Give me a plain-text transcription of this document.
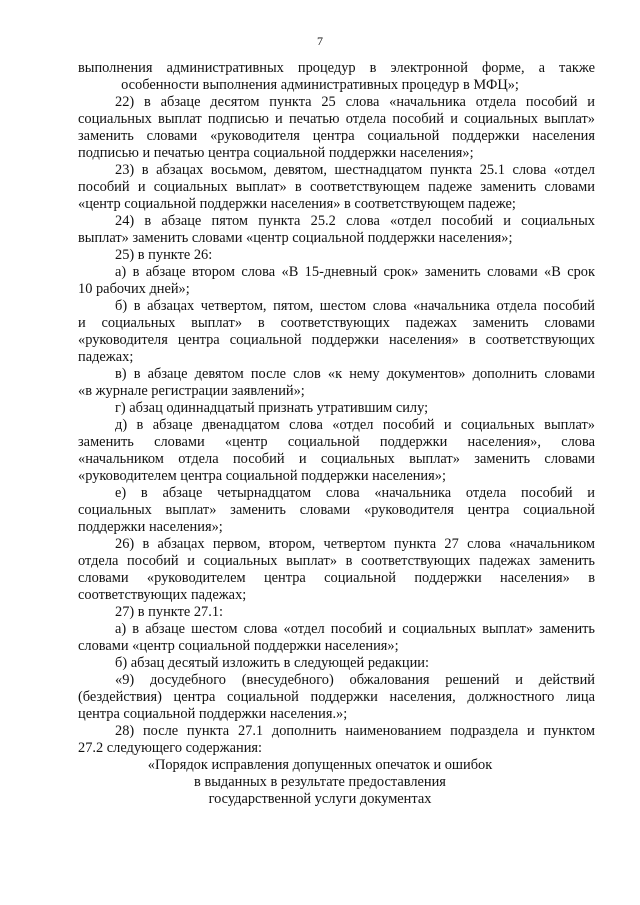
7
выполнения административных процедур в электронной форме, а также
особенности выполнения административных процедур в МФЦ»;
22) в абзаце десятом пункта 25 слова «начальника отдела пособий и
социальных выплат подписью и печатью отдела пособий и социальных выплат»
заменить словами «руководителя центра социальной поддержки населения
подписью и печатью центра социальной поддержки населения»;
23) в абзацах восьмом, девятом, шестнадцатом пункта 25.1 слова «отдел
пособий и социальных выплат» в соответствующем падеже заменить словами
«центр социальной поддержки населения» в соответствующем падеже;
24) в абзаце пятом пункта 25.2 слова «отдел пособий и социальных
выплат» заменить словами «центр социальной поддержки населения»;
25) в пункте 26:
а) в абзаце втором слова «В 15-дневный срок» заменить словами «В срок
10 рабочих дней»;
б) в абзацах четвертом, пятом, шестом слова «начальника отдела пособий
и социальных выплат» в соответствующих падежах заменить словами
«руководителя центра социальной поддержки населения» в соответствующих
падежах;
в) в абзаце девятом после слов «к нему документов» дополнить словами
«в журнале регистрации заявлений»;
г) абзац одиннадцатый признать утратившим силу;
д) в абзаце двенадцатом слова «отдел пособий и социальных выплат»
заменить словами «центр социальной поддержки населения», слова
«начальником отдела пособий и социальных выплат» заменить словами
«руководителем центра социальной поддержки населения»;
е) в абзаце четырнадцатом слова «начальника отдела пособий и
социальных выплат» заменить словами «руководителя центра социальной
поддержки населения»;
26) в абзацах первом, втором, четвертом пункта 27 слова «начальником
отдела пособий и социальных выплат» в соответствующих падежах заменить
словами «руководителем центра социальной поддержки населения» в
соответствующих падежах;
27) в пункте 27.1:
а) в абзаце шестом слова «отдел пособий и социальных выплат» заменить
словами «центр социальной поддержки населения»;
б) абзац десятый изложить в следующей редакции:
«9) досудебного (внесудебного) обжалования решений и действий
(бездействия) центра социальной поддержки населения, должностного лица
центра социальной поддержки населения.»;
28) после пункта 27.1 дополнить наименованием подраздела и пунктом
27.2 следующего содержания:
«Порядок исправления допущенных опечаток и ошибок
в выданных в результате предоставления
государственной услуги документах
